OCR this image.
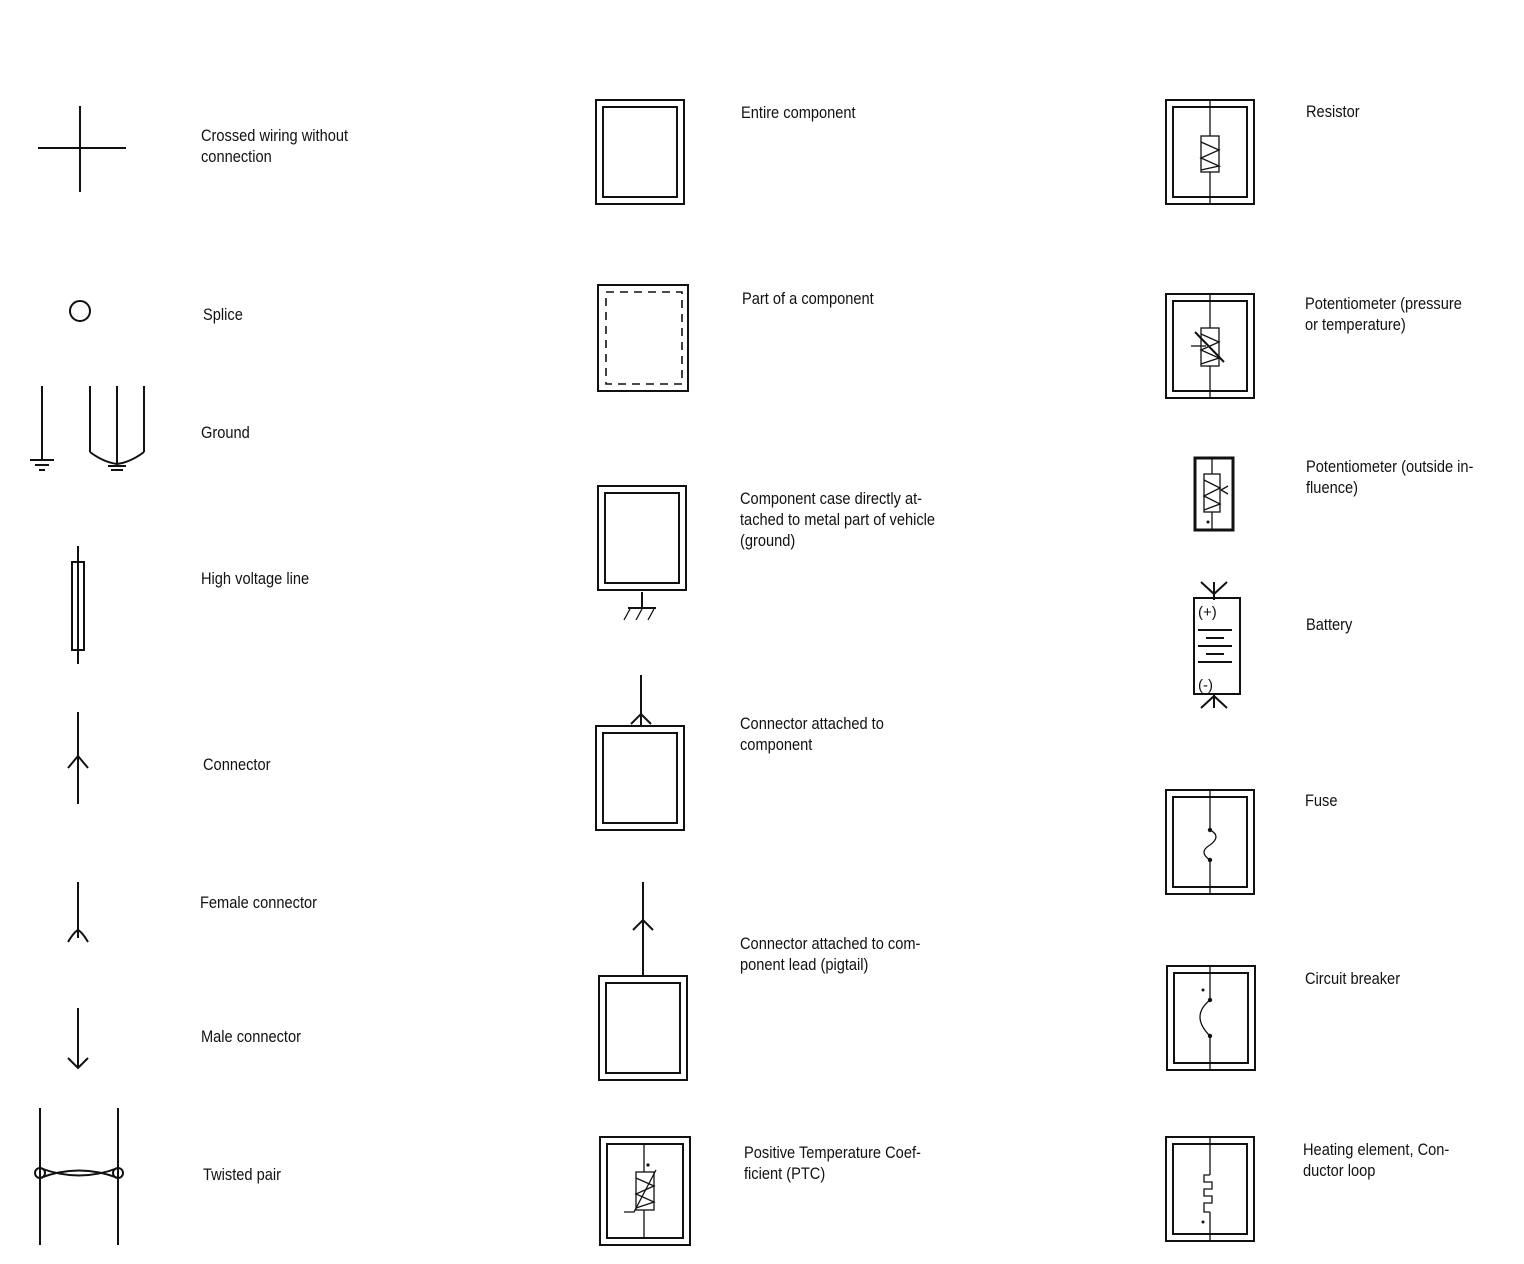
(+)
(-)
Crossed wiring without
connection
Splice
Ground
High voltage line
Connector
Female connector
Male connector
Twisted pair
Entire component
Part of a component
Component case directly at-
tached to metal part of vehicle
(ground)
Connector attached to
component
Connector attached to com-
ponent lead (pigtail)
Positive Temperature Coef-
ficient (PTC)
Resistor
Potentiometer (pressure
or temperature)
Potentiometer (outside in-
fluence)
Battery
Fuse
Circuit breaker
Heating element, Con-
ductor loop
